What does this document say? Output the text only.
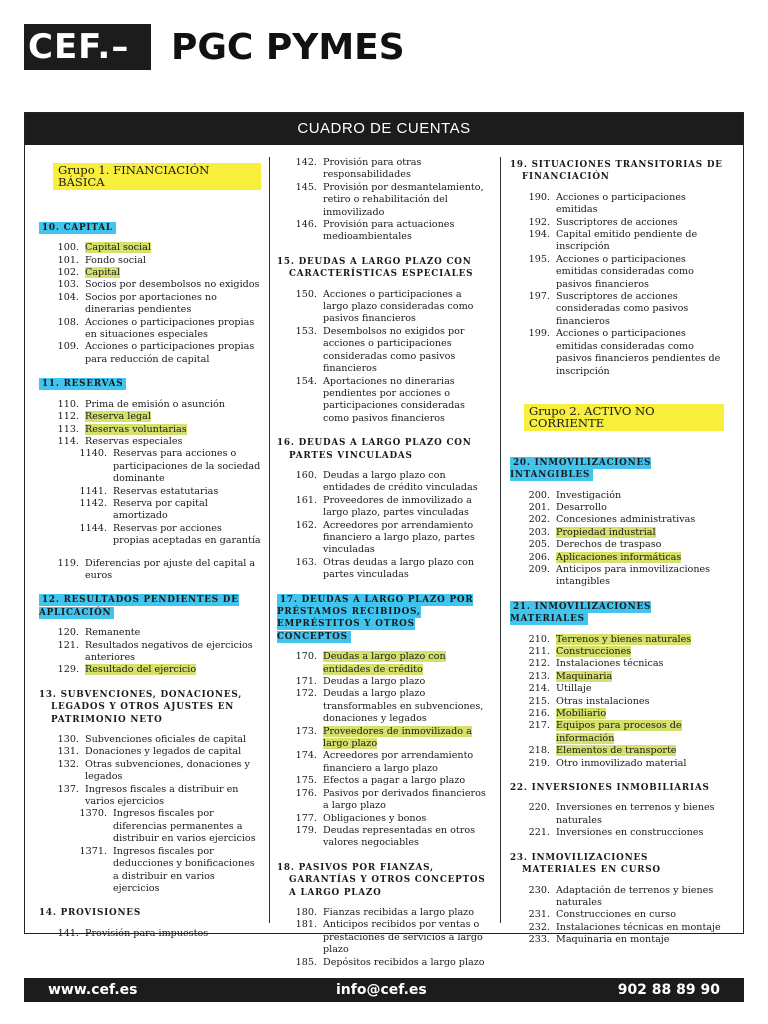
CEF.–	PGC PYMES
CUADRO DE CUENTAS
Grupo 1. FINANCIACIÓN BÁSICA
10. CAPITAL
100. Capital social
101. Fondo social
102. Capital
103. Socios por desembolsos no exigidos
104. Socios por aportaciones no dinerarias pendientes
108. Acciones o participaciones propias en situaciones especiales
109. Acciones o participaciones propias para reducción de capital
11. RESERVAS
110. Prima de emisión o asunción
112. Reserva legal
113. Reservas voluntarias
114. Reservas especiales
1140. Reservas para acciones o participaciones de la sociedad dominante
1141. Reservas estatutarias
1142. Reserva por capital amortizado
1144. Reservas por acciones propias aceptadas en garantía
119. Diferencias por ajuste del capital a euros
12. RESULTADOS PENDIENTES DE APLICACIÓN
120. Remanente
121. Resultados negativos de ejercicios anteriores
129. Resultado del ejercicio
13. SUBVENCIONES, DONACIONES, LEGADOS Y OTROS AJUSTES EN PATRIMONIO NETO
130. Subvenciones oficiales de capital
131. Donaciones y legados de capital
132. Otras subvenciones, donaciones y legados
137. Ingresos fiscales a distribuir en varios ejercicios
1370. Ingresos fiscales por diferencias permanentes a distribuir en varios ejercicios
1371. Ingresos fiscales por deducciones y bonificaciones a distribuir en varios ejercicios
14. PROVISIONES
141. Provisión para impuestos
142. Provisión para otras responsabilidades
145. Provisión por desmantelamiento, retiro o rehabilitación del inmovilizado
146. Provisión para actuaciones medioambientales
15. DEUDAS A LARGO PLAZO CON CARACTERÍSTICAS ESPECIALES
150. Acciones o participaciones a largo plazo consideradas como pasivos financieros
153. Desembolsos no exigidos por acciones o participaciones consideradas como pasivos financieros
154. Aportaciones no dinerarias pendientes por acciones o participaciones consideradas como pasivos financieros
16. DEUDAS A LARGO PLAZO CON PARTES VINCULADAS
160. Deudas a largo plazo con entidades de crédito vinculadas
161. Proveedores de inmovilizado a largo plazo, partes vinculadas
162. Acreedores por arrendamiento financiero a largo plazo, partes vinculadas
163. Otras deudas a largo plazo con partes vinculadas
17. DEUDAS A LARGO PLAZO POR PRÉSTAMOS RECIBIDOS, EMPRÉSTITOS Y OTROS CONCEPTOS
170. Deudas a largo plazo con entidades de crédito
171. Deudas a largo plazo
172. Deudas a largo plazo transformables en subvenciones, donaciones y legados
173. Proveedores de inmovilizado a largo plazo
174. Acreedores por arrendamiento financiero a largo plazo
175. Efectos a pagar a largo plazo
176. Pasivos por derivados financieros a largo plazo
177. Obligaciones y bonos
179. Deudas representadas en otros valores negociables
18. PASIVOS POR FIANZAS, GARANTÍAS Y OTROS CONCEPTOS A LARGO PLAZO
180. Fianzas recibidas a largo plazo
181. Anticipos recibidos por ventas o prestaciones de servicios a largo plazo
185. Depósitos recibidos a largo plazo
19. SITUACIONES TRANSITORIAS DE FINANCIACIÓN
190. Acciones o participaciones emitidas
192. Suscriptores de acciones
194. Capital emitido pendiente de inscripción
195. Acciones o participaciones emitidas consideradas como pasivos financieros
197. Suscriptores de acciones consideradas como pasivos financieros
199. Acciones o participaciones emitidas consideradas como pasivos financieros pendientes de inscripción
Grupo 2. ACTIVO NO CORRIENTE
20. INMOVILIZACIONES INTANGIBLES
200. Investigación
201. Desarrollo
202. Concesiones administrativas
203. Propiedad industrial
205. Derechos de traspaso
206. Aplicaciones informáticas
209. Anticipos para inmovilizaciones intangibles
21. INMOVILIZACIONES MATERIALES
210. Terrenos y bienes naturales
211. Construcciones
212. Instalaciones técnicas
213. Maquinaria
214. Utillaje
215. Otras instalaciones
216. Mobiliario
217. Equipos para procesos de información
218. Elementos de transporte
219. Otro inmovilizado material
22. INVERSIONES INMOBILIARIAS
220. Inversiones en terrenos y bienes naturales
221. Inversiones en construcciones
23. INMOVILIZACIONES MATERIALES EN CURSO
230. Adaptación de terrenos y bienes naturales
231. Construcciones en curso
232. Instalaciones técnicas en montaje
233. Maquinaria en montaje
www.cef.es	info@cef.es	902 88 89 90
